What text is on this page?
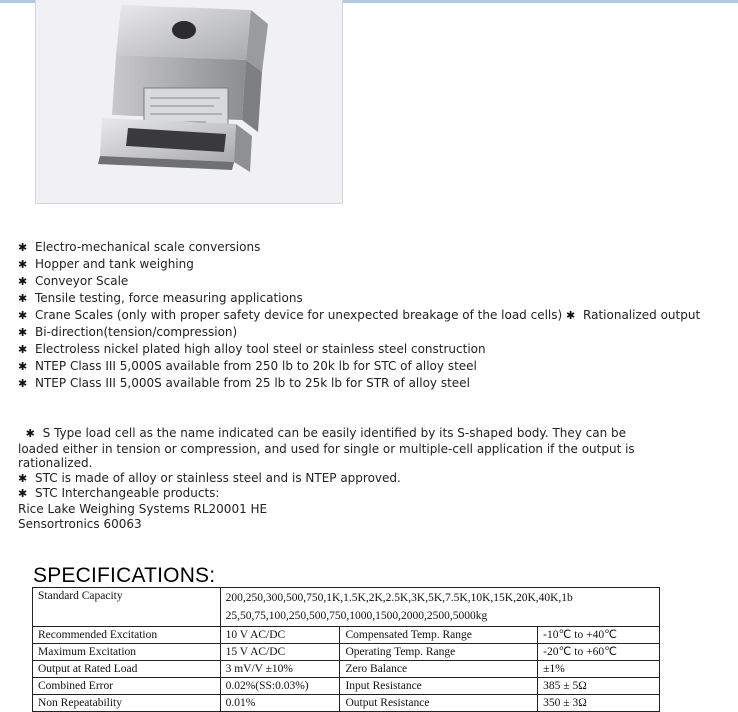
✱ Electro-mechanical scale conversions
✱ Hopper and tank weighing
✱ Conveyor Scale
✱ Tensile testing, force measuring applications
✱ Crane Scales (only with proper safety device for unexpected breakage of the load cells) ✱ Rationalized output
✱ Bi-direction(tension/compression)
✱ Electroless nickel plated high alloy tool steel or stainless steel construction
✱ NTEP Class III 5,000S available from 250 lb to 20k lb for STC of alloy steel
✱ NTEP Class III 5,000S available from 25 lb to 25k lb for STR of alloy steel

✱ S Type load cell as the name indicated can be easily identified by its S-shaped body. They can be

loaded either in tension or compression, and used for single or multiple-cell application if the output is

rationalized.

✱ STC is made of alloy or stainless steel and is NTEP approved.

✱ STC Interchangeable products:

Rice Lake Weighing Systems RL20001 HE

Sensortronics 60063

SPECIFICATIONS:
Standard Capacity	200,250,300,500,750,1K,1.5K,2K,2.5K,3K,5K,7.5K,10K,15K,20K,40K,1b
25,50,75,100,250,500,750,1000,1500,2000,2500,5000kg		

Recommended Excitation	10 V AC/DC	Compensated Temp. Range	-10℃ to +40℃
Maximum Excitation	15 V AC/DC	Operating Temp. Range	-20℃ to +60℃
Output at Rated Load	3 mV/V ±10%	Zero Balance	±1%
Combined Error	0.02%(SS:0.03%)	Input Resistance	385 ± 5Ω
Non Repeatability	0.01%	Output Resistance	350 ± 3Ω
